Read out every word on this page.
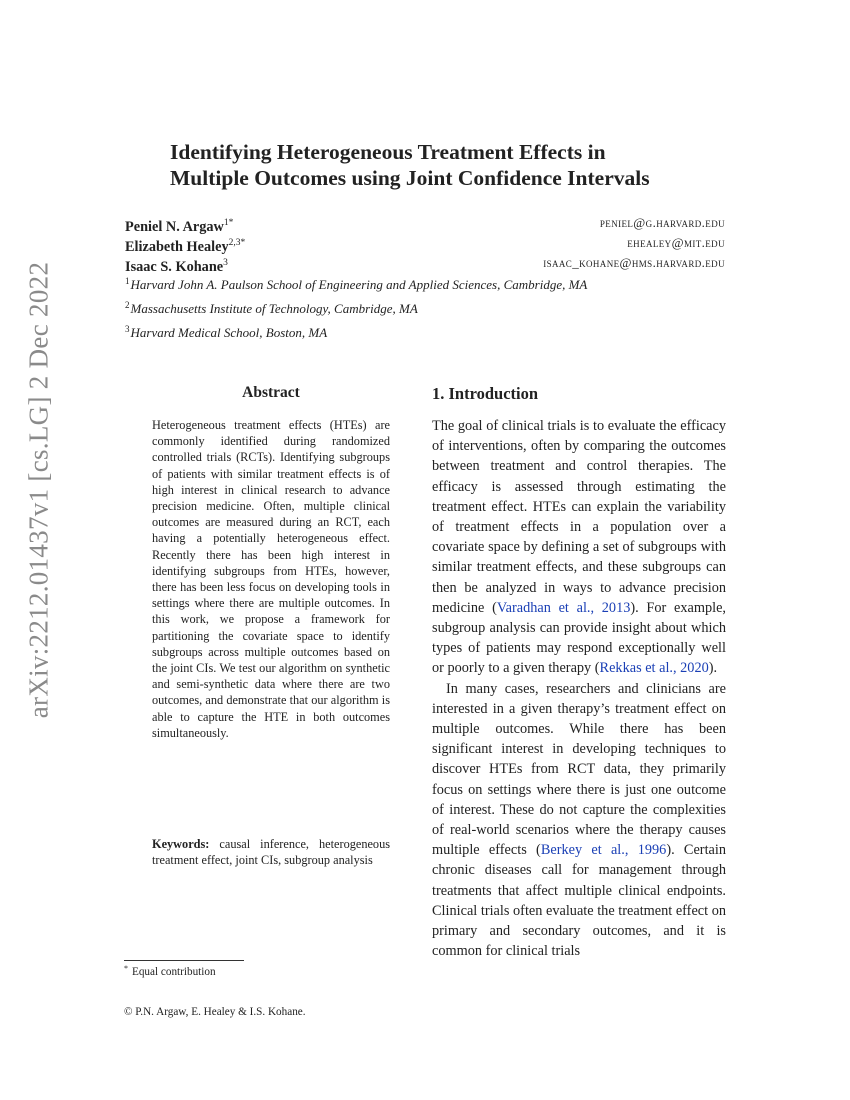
arXiv:2212.01437v1 [cs.LG] 2 Dec 2022
Identifying Heterogeneous Treatment Effects in
Multiple Outcomes using Joint Confidence Intervals
Peniel N. Argaw$^{1*}$	peniel@g.harvard.edu
Elizabeth Healey$^{2,3*}$	ehealey@mit.edu
Isaac S. Kohane$^3$	isaac_kohane@hms.harvard.edu
$^1$Harvard John A. Paulson School of Engineering and Applied Sciences, Cambridge, MA
$^2$Massachusetts Institute of Technology, Cambridge, MA
$^3$Harvard Medical School, Boston, MA
Abstract
Heterogeneous treatment effects (HTEs) are commonly identified during randomized controlled trials (RCTs). Identifying subgroups of patients with similar treatment effects is of high interest in clinical research to advance precision medicine. Often, multiple clinical outcomes are measured during an RCT, each having a potentially heterogeneous effect. Recently there has been high interest in identifying subgroups from HTEs, however, there has been less focus on developing tools in settings where there are multiple outcomes. In this work, we propose a framework for partitioning the covariate space to identify subgroups across multiple outcomes based on the joint CIs. We test our algorithm on synthetic and semi-synthetic data where there are two outcomes, and demonstrate that our algorithm is able to capture the HTE in both outcomes simultaneously.
Keywords: causal inference, heterogeneous treatment effect, joint CIs, subgroup analysis
* Equal contribution
© P.N. Argaw, E. Healey & I.S. Kohane.
1. Introduction

The goal of clinical trials is to evaluate the efficacy of interventions, often by comparing the outcomes between treatment and control therapies. The efficacy is assessed through estimating the treatment effect. HTEs can explain the variability of treatment effects in a population over a covariate space by defining a set of subgroups with similar treatment effects, and these subgroups can then be analyzed in ways to advance precision medicine (Varadhan et al., 2013). For example, subgroup analysis can provide insight about which types of patients may respond exceptionally well or poorly to a given therapy (Rekkas et al., 2020).

In many cases, researchers and clinicians are interested in a given therapy’s treatment effect on multiple outcomes. While there has been significant interest in developing techniques to discover HTEs from RCT data, they primarily focus on settings where there is just one outcome of interest. These do not capture the complexities of real-world scenarios where the therapy causes multiple effects (Berkey et al., 1996). Certain chronic diseases call for management through treatments that affect multiple clinical endpoints. Clinical trials often evaluate the treatment effect on primary and secondary outcomes, and it is common for clinical trials
